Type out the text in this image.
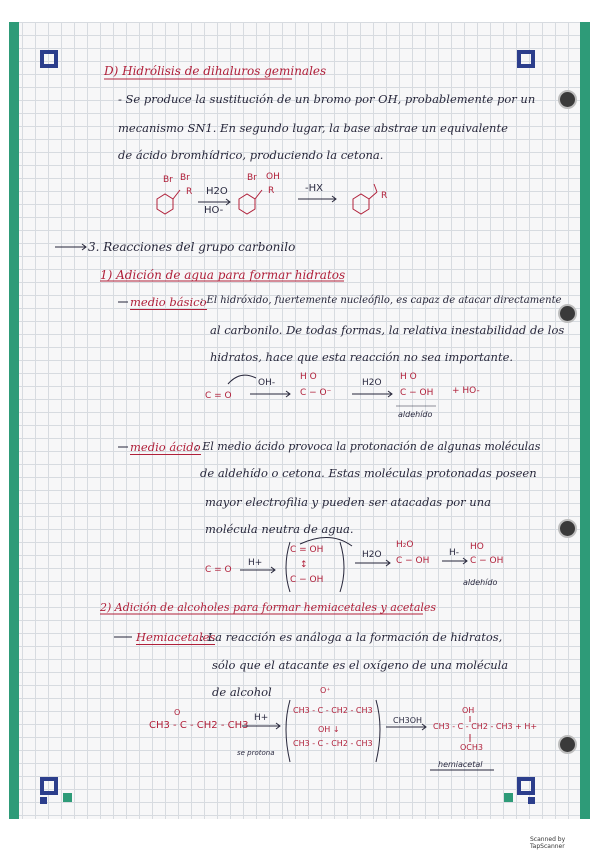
D) Hidrólisis de dihaluros geminales
- Se produce la sustitución de un bromo por OH, probablemente por un
mecanismo SN1. En segundo lugar, la base abstrae un equivalente
de ácido bromhídrico, produciendo la cetona.
Br Br
R H2O
HO-
Br OH
R	-HX
R
3. Reacciones del grupo carbonilo
1) Adición de agua para formar hidratos
medio básico
: El hidróxido, fuertemente nucleófilo, es capaz de atacar directamente
al carbonilo. De todas formas, la relativa inestabilidad de los
hidratos, hace que esta reacción no sea importante.
OH-	H2O
+ HO-
aldehído
C = O
H O
C − O⁻
H O
C − OH
medio ácido
: El medio ácido provoca la protonación de algunas moléculas
de aldehído o cetona. Estas moléculas protonadas poseen
mayor electrofilia y pueden ser atacadas por una
molécula neutra de agua.
H+
H2O	H-
aldehído
C = O
C = OH
↕
C − OH
H₂O
C − OH
HO
C − OH
2) Adición de alcoholes para formar hemiacetales y acetales
Hemiacetales
: La reacción es análoga a la formación de hidratos,
sólo que el atacante es el oxígeno de una molécula
de alcohol
CH3 - C - CH2 - CH3
O
H+
se protona
O⁺
CH3 - C - CH2 - CH3
OH ↓
CH3 - C - CH2 - CH3
CH3OH
OH
CH3 - C - CH2 - CH3 + H+
OCH3
hemiacetal
Scanned by TapScanner
